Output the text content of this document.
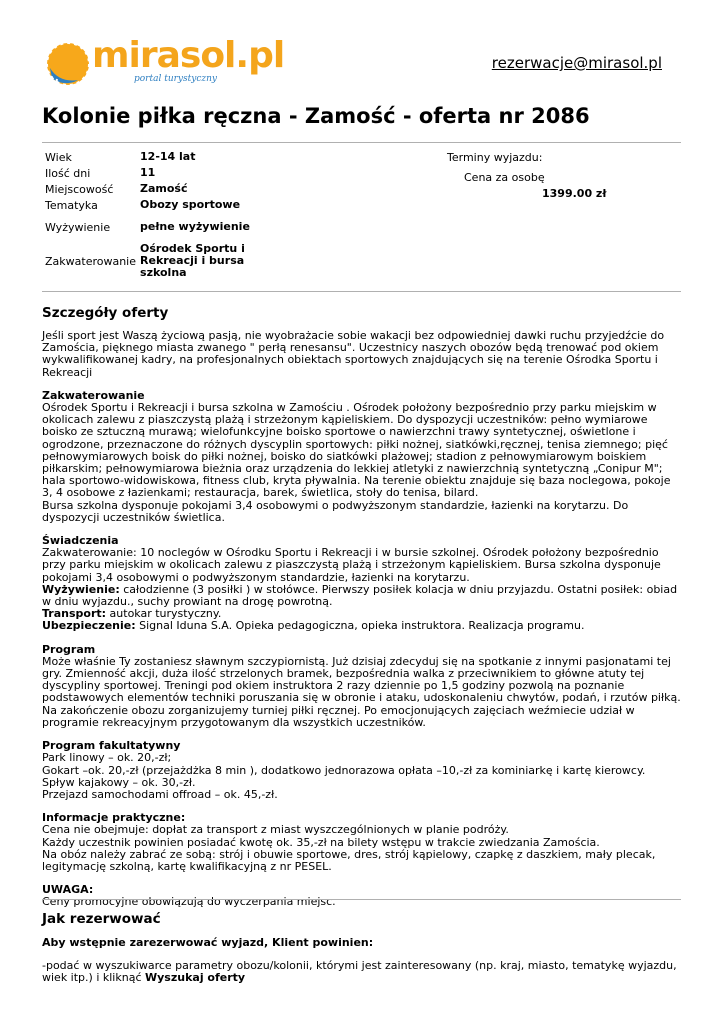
mirasol.pl
portal turystyczny
rezerwacje@mirasol.pl
Kolonie piłka ręczna - Zamość - oferta nr 2086
Wiek	12-14 lat
Ilość dni	11
Miejscowość	Zamość
Tematyka	Obozy sportowe
Wyżywienie	pełne wyżywienie
Zakwaterowanie	Ośrodek Sportu i Rekreacji i bursa szkolna
Terminy wyjazdu:
Cena za osobę
1399.00 zł
Szczegóły oferty

Jeśli sport jest Waszą życiową pasją, nie wyobrażacie sobie wakacji bez odpowiedniej dawki ruchu przyjedźcie do Zamościa, pięknego miasta zwanego " perłą renesansu". Uczestnicy naszych obozów będą trenować pod okiem wykwalifikowanej kadry, na profesjonalnych obiektach sportowych znajdujących się na terenie Ośrodka Sportu i Rekreacji

Zakwaterowanie

Ośrodek Sportu i Rekreacji i bursa szkolna w Zamościu . Ośrodek położony bezpośrednio przy parku miejskim w okolicach zalewu z piaszczystą plażą i strzeżonym kąpieliskiem. Do dyspozycji uczestników: pełno wymiarowe boisko ze sztuczną murawą; wielofunkcyjne boisko sportowe o nawierzchni trawy syntetycznej, oświetlone i ogrodzone, przeznaczone do różnych dyscyplin sportowych: piłki nożnej, siatkówki,ręcznej, tenisa ziemnego; pięć pełnowymiarowych boisk do piłki nożnej, boisko do siatkówki plażowej; stadion z pełnowymiarowym boiskiem piłkarskim; pełnowymiarowa bieżnia oraz urządzenia do lekkiej atletyki z nawierzchnią syntetyczną „Conipur M"; hala sportowo-widowiskowa, fitness club, kryta pływalnia. Na terenie obiektu znajduje się baza noclegowa, pokoje 3, 4 osobowe z łazienkami; restauracja, barek, świetlica, stoły do tenisa, bilard.

Bursa szkolna dysponuje pokojami 3,4 osobowymi o podwyższonym standardzie, łazienki na korytarzu. Do dyspozycji uczestników świetlica.

Świadczenia

Zakwaterowanie: 10 noclegów w Ośrodku Sportu i Rekreacji i w bursie szkolnej. Ośrodek położony bezpośrednio przy parku miejskim w okolicach zalewu z piaszczystą plażą i strzeżonym kąpieliskiem. Bursa szkolna dysponuje pokojami 3,4 osobowymi o podwyższonym standardzie, łazienki na korytarzu.

Wyżywienie: całodzienne (3 posiłki ) w stołówce. Pierwszy posiłek kolacja w dniu przyjazdu. Ostatni posiłek: obiad w dniu wyjazdu., suchy prowiant na drogę powrotną.

Transport: autokar turystyczny.

Ubezpieczenie: Signal Iduna S.A. Opieka pedagogiczna, opieka instruktora. Realizacja programu.

Program

Może właśnie Ty zostaniesz sławnym szczypiornistą. Już dzisiaj zdecyduj się na spotkanie z innymi pasjonatami tej gry. Zmienność akcji, duża ilość strzelonych bramek, bezpośrednia walka z przeciwnikiem to główne atuty tej dyscypliny sportowej. Treningi pod okiem instruktora 2 razy dziennie po 1,5 godziny pozwolą na poznanie podstawowych elementów techniki poruszania się w obronie i ataku, udoskonaleniu chwytów, podań, i rzutów piłką. Na zakończenie obozu zorganizujemy turniej piłki ręcznej. Po emocjonujących zajęciach weźmiecie udział w programie rekreacyjnym przygotowanym dla wszystkich uczestników.

Program fakultatywny

Park linowy – ok. 20,-zł;

Gokart –ok. 20,-zł (przejażdżka 8 min ), dodatkowo jednorazowa opłata –10,-zł za kominiarkę i kartę kierowcy.

Spływ kajakowy – ok. 30,-zł.

Przejazd samochodami offroad – ok. 45,-zł.

Informacje praktyczne:

Cena nie obejmuje: dopłat za transport z miast wyszczególnionych w planie podróży.

Każdy uczestnik powinien posiadać kwotę ok. 35,-zł na bilety wstępu w trakcie zwiedzania Zamościa.

Na obóz należy zabrać ze sobą: strój i obuwie sportowe, dres, strój kąpielowy, czapkę z daszkiem, mały plecak, legitymację szkolną, kartę kwalifikacyjną z nr PESEL.

UWAGA:

Ceny promocyjne obowiązują do wyczerpania miejsc.

Jak rezerwować

Aby wstępnie zarezerwować wyjazd, Klient powinien:

-podać w wyszukiwarce parametry obozu/kolonii, którymi jest zainteresowany (np. kraj, miasto, tematykę wyjazdu, wiek itp.) i kliknąć Wyszukaj oferty
